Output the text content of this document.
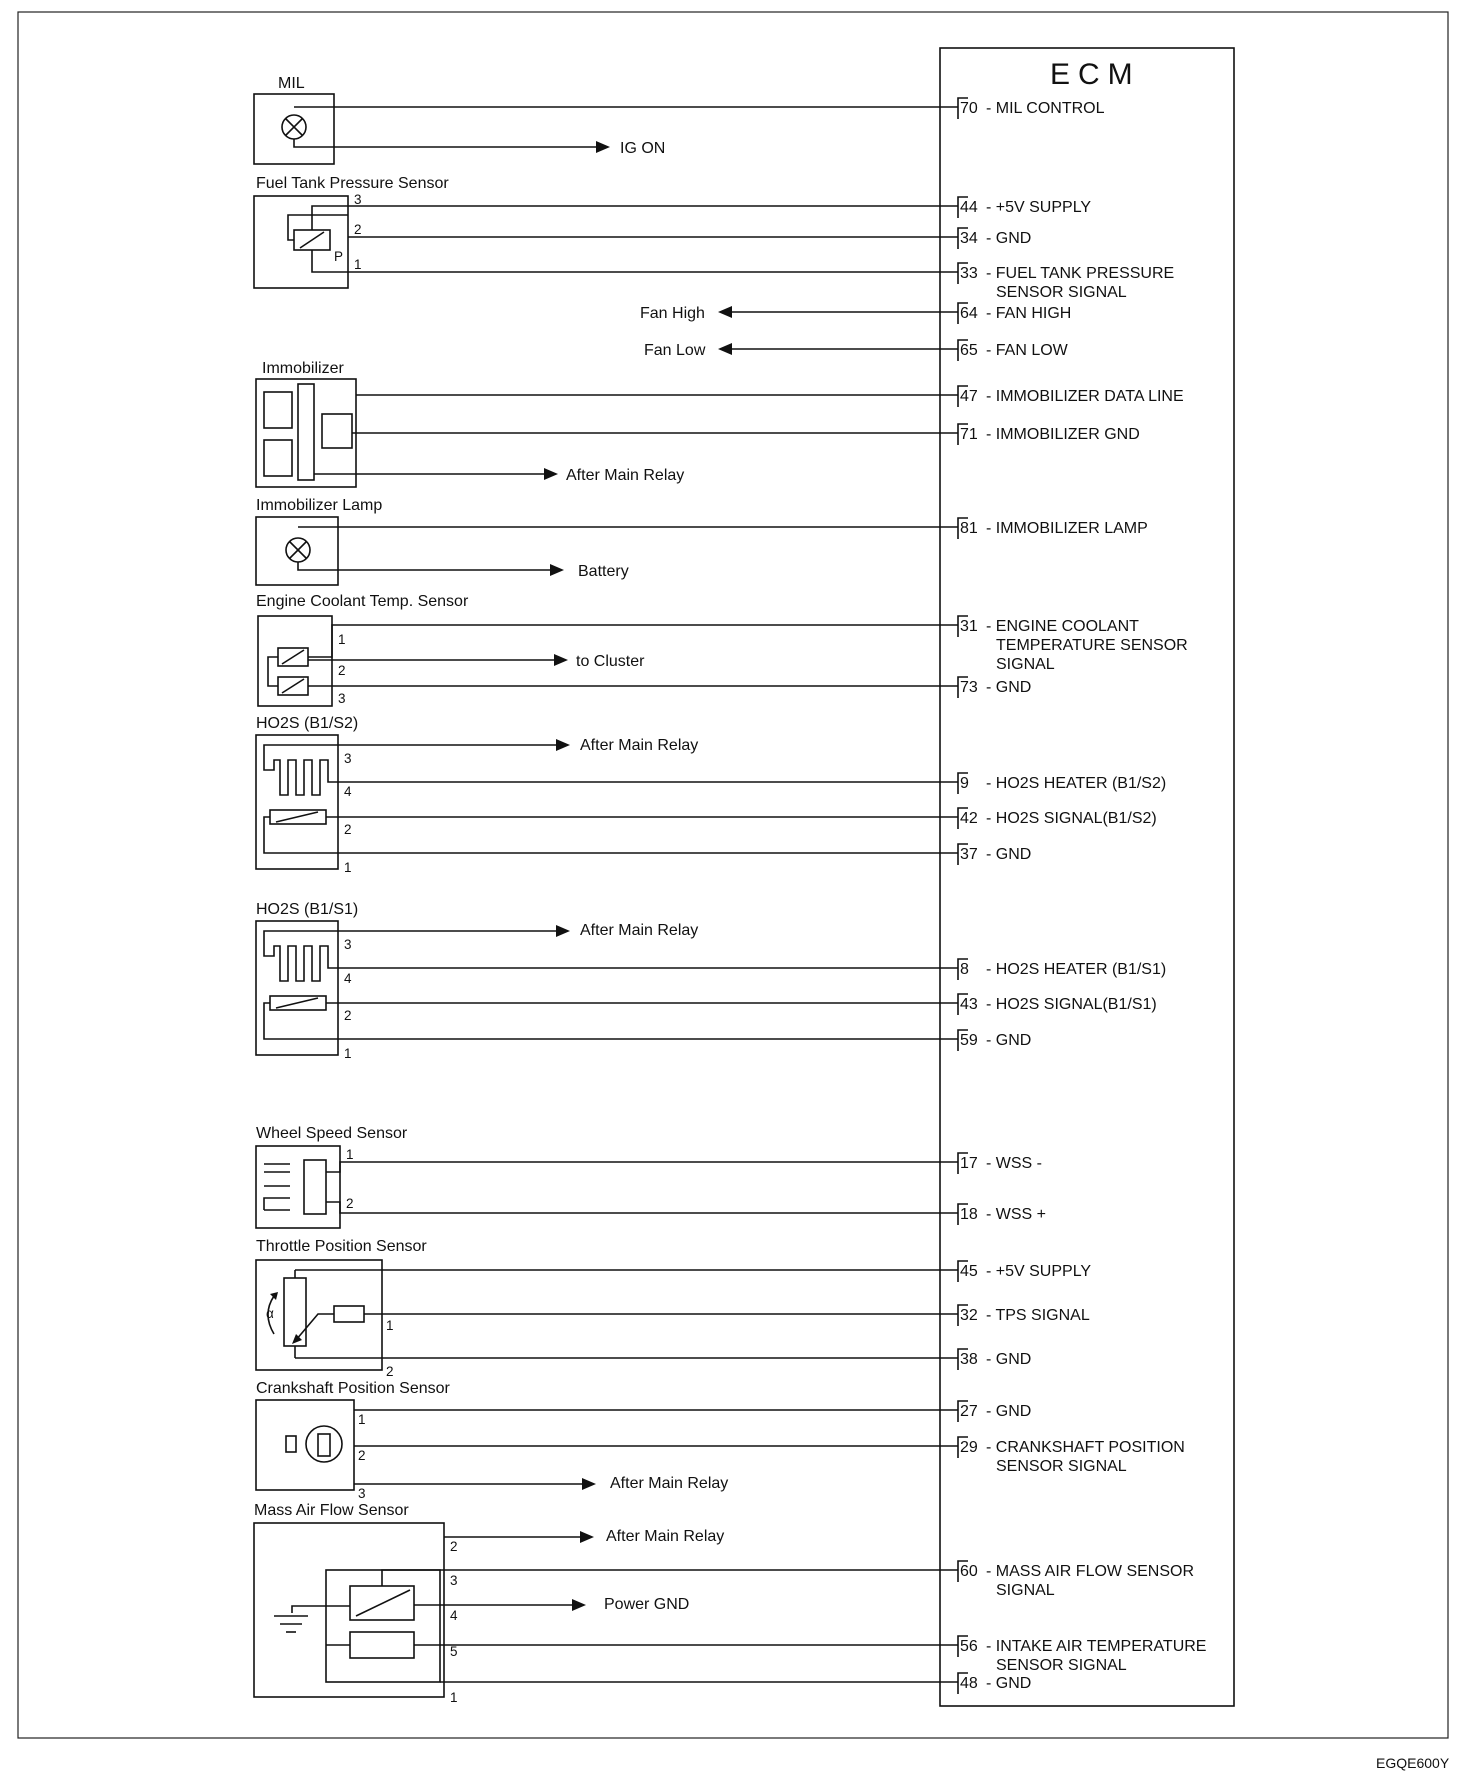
ECM
70 - MIL CONTROL
44 - +5V SUPPLY
34 - GND
33 - FUEL TANK PRESSURE
SENSOR SIGNAL
64 - FAN HIGH
65 - FAN LOW
47 - IMMOBILIZER DATA LINE
71 - IMMOBILIZER GND
81 - IMMOBILIZER LAMP
31 - ENGINE COOLANT
TEMPERATURE SENSOR
SIGNAL
73 - GND
9 - HO2S HEATER (B1/S2)
42 - HO2S SIGNAL(B1/S2)
37 - GND
8 - HO2S HEATER (B1/S1)
43 - HO2S SIGNAL(B1/S1)
59 - GND
17 - WSS -
18 - WSS +
45 - +5V SUPPLY
32 - TPS SIGNAL
38 - GND
27 - GND
29 - CRANKSHAFT POSITION
SENSOR SIGNAL
60 - MASS AIR FLOW SENSOR
SIGNAL
56 - INTAKE AIR TEMPERATURE
SENSOR SIGNAL
48 - GND
MIL
IG ON
Fuel Tank Pressure Sensor
P
3
2
1
Fan High
Fan Low
Immobilizer
After Main Relay
Immobilizer Lamp
Battery
Engine Coolant Temp. Sensor
to Cluster
1
2
3
HO2S (B1/S2)
After Main Relay
3
4
2
1
HO2S (B1/S1)
After Main Relay
3
4
2
1
Wheel Speed Sensor
1
2
Throttle Position Sensor
α
1
2
Crankshaft Position Sensor
After Main Relay
1
2
3
Mass Air Flow Sensor
After Main Relay
Power GND
2
3
4
5
1
EGQE600Y
